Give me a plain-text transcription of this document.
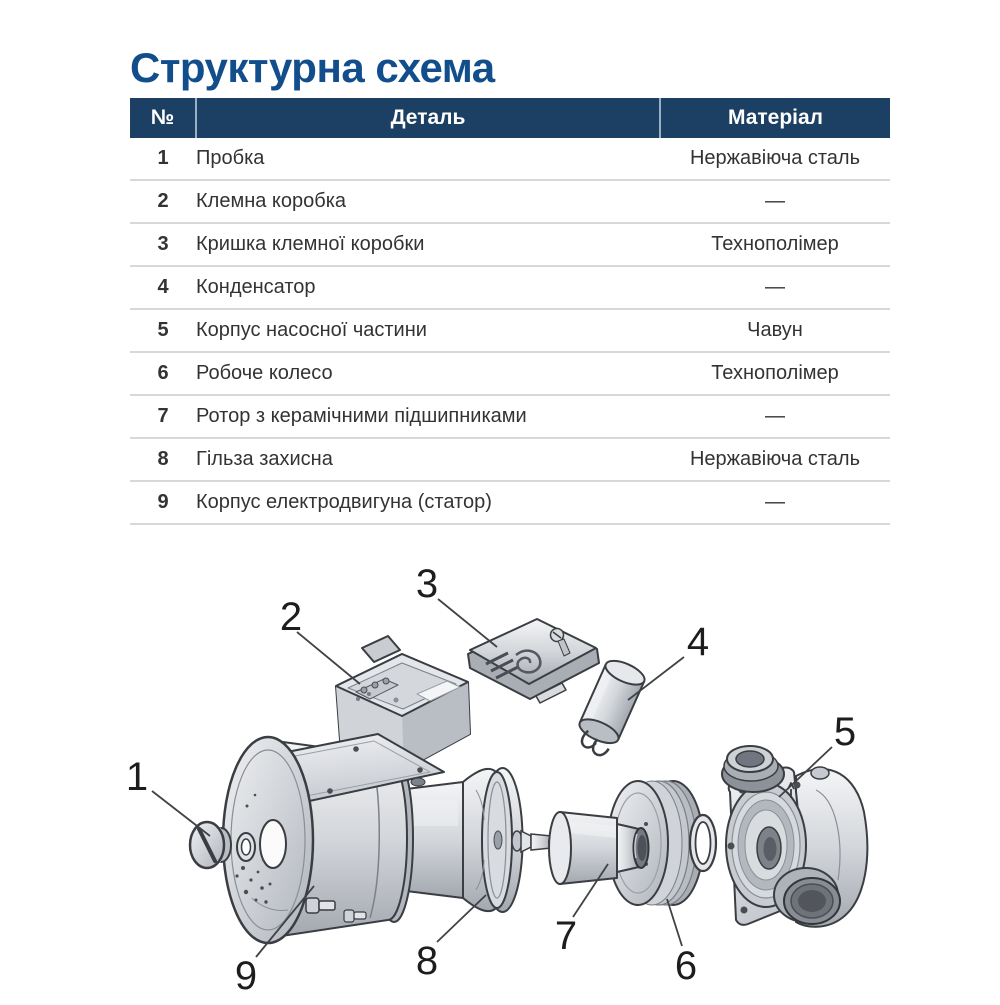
Структурна схема
№	Деталь	Матеріал
1	Пробка	Нержавіюча сталь
2	Клемна коробка	—
3	Кришка клемної коробки	Технополімер
4	Конденсатор	—
5	Корпус насосної частини	Чавун
6	Робоче колесо	Технополімер
7	Ротор з керамічними підшипниками	—
8	Гільза захисна	Нержавіюча сталь
9	Корпус електродвигуна (статор)	—
1
2
3
4
5
6
7
8
9
